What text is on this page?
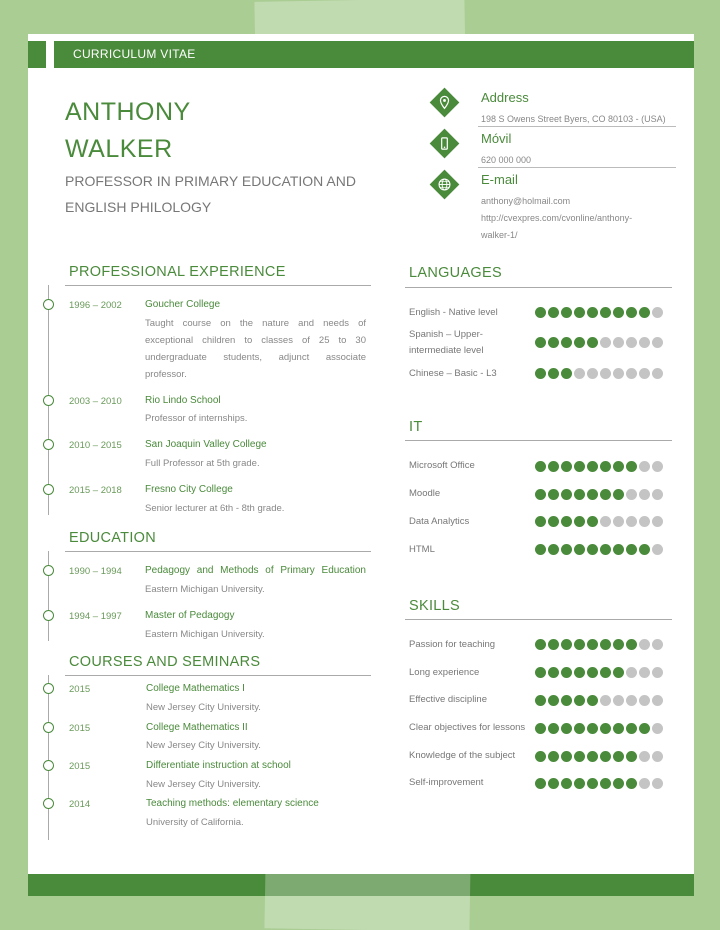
CURRICULUM VITAE
ANTHONY
WALKER
PROFESSOR IN PRIMARY EDUCATION AND
ENGLISH PHILOLOGY
Address
198 S Owens Street Byers, CO 80103 - (USA)
Móvil
620 000 000
E-mail
anthony@holmail.com
http://cvexpres.com/cvonline/anthony-
walker-1/
PROFESSIONAL EXPERIENCE
1996 – 2002 Goucher College
Taught course on the nature and needs of
exceptional children to classes of 25 to 30
undergraduate students, adjunct associate
professor.
2003 – 2010 Rio Lindo School
Professor of internships.
2010 – 2015 San Joaquin Valley College
Full Professor at 5th grade.
2015 – 2018 Fresno City College
Senior lecturer at 6th - 8th grade.
EDUCATION
1990 – 1994 Pedagogy and Methods of Primary Education
Eastern Michigan University.
1994 – 1997 Master of Pedagogy
Eastern Michigan University.
COURSES AND SEMINARS
2015	College Mathematics I
New Jersey City University.
2015	College Mathematics II
New Jersey City University.
2015	Differentiate instruction at school
New Jersey City University.
2014	Teaching methods: elementary science
University of California.
LANGUAGES
English - Native level
Spanish – Upper-intermediate level
Chinese – Basic - L3
IT
Microsoft Office
Moodle
Data Analytics
HTML
SKILLS
Passion for teaching
Long experience
Effective discipline
Clear objectives for lessons
Knowledge of the subject
Self-improvement
